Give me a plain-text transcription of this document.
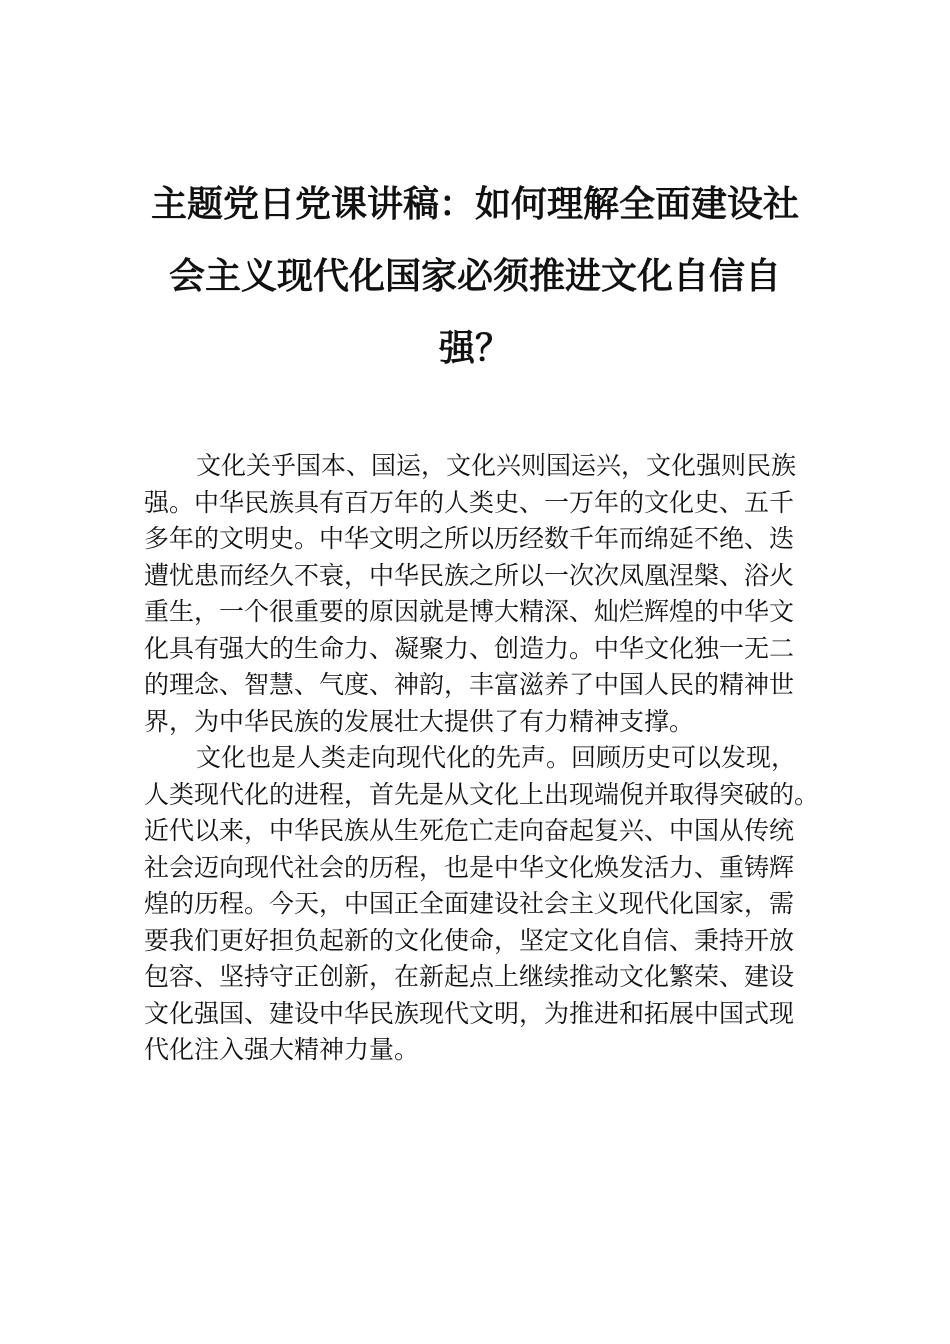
主题党日党课讲稿：如何理解全面建设社
会主义现代化国家必须推进文化自信自
强？

文化关乎国本、国运，文化兴则国运兴，文化强则民族
强。中华民族具有百万年的人类史、一万年的文化史、五千
多年的文明史。中华文明之所以历经数千年而绵延不绝、迭
遭忧患而经久不衰，中华民族之所以一次次凤凰涅槃、浴火
重生，一个很重要的原因就是博大精深、灿烂辉煌的中华文
化具有强大的生命力、凝聚力、创造力。中华文化独一无二
的理念、智慧、气度、神韵，丰富滋养了中国人民的精神世
界，为中华民族的发展壮大提供了有力精神支撑。

文化也是人类走向现代化的先声。回顾历史可以发现，
人类现代化的进程，首先是从文化上出现端倪并取得突破的。
近代以来，中华民族从生死危亡走向奋起复兴、中国从传统
社会迈向现代社会的历程，也是中华文化焕发活力、重铸辉
煌的历程。今天，中国正全面建设社会主义现代化国家，需
要我们更好担负起新的文化使命，坚定文化自信、秉持开放
包容、坚持守正创新，在新起点上继续推动文化繁荣、建设
文化强国、建设中华民族现代文明，为推进和拓展中国式现
代化注入强大精神力量。
